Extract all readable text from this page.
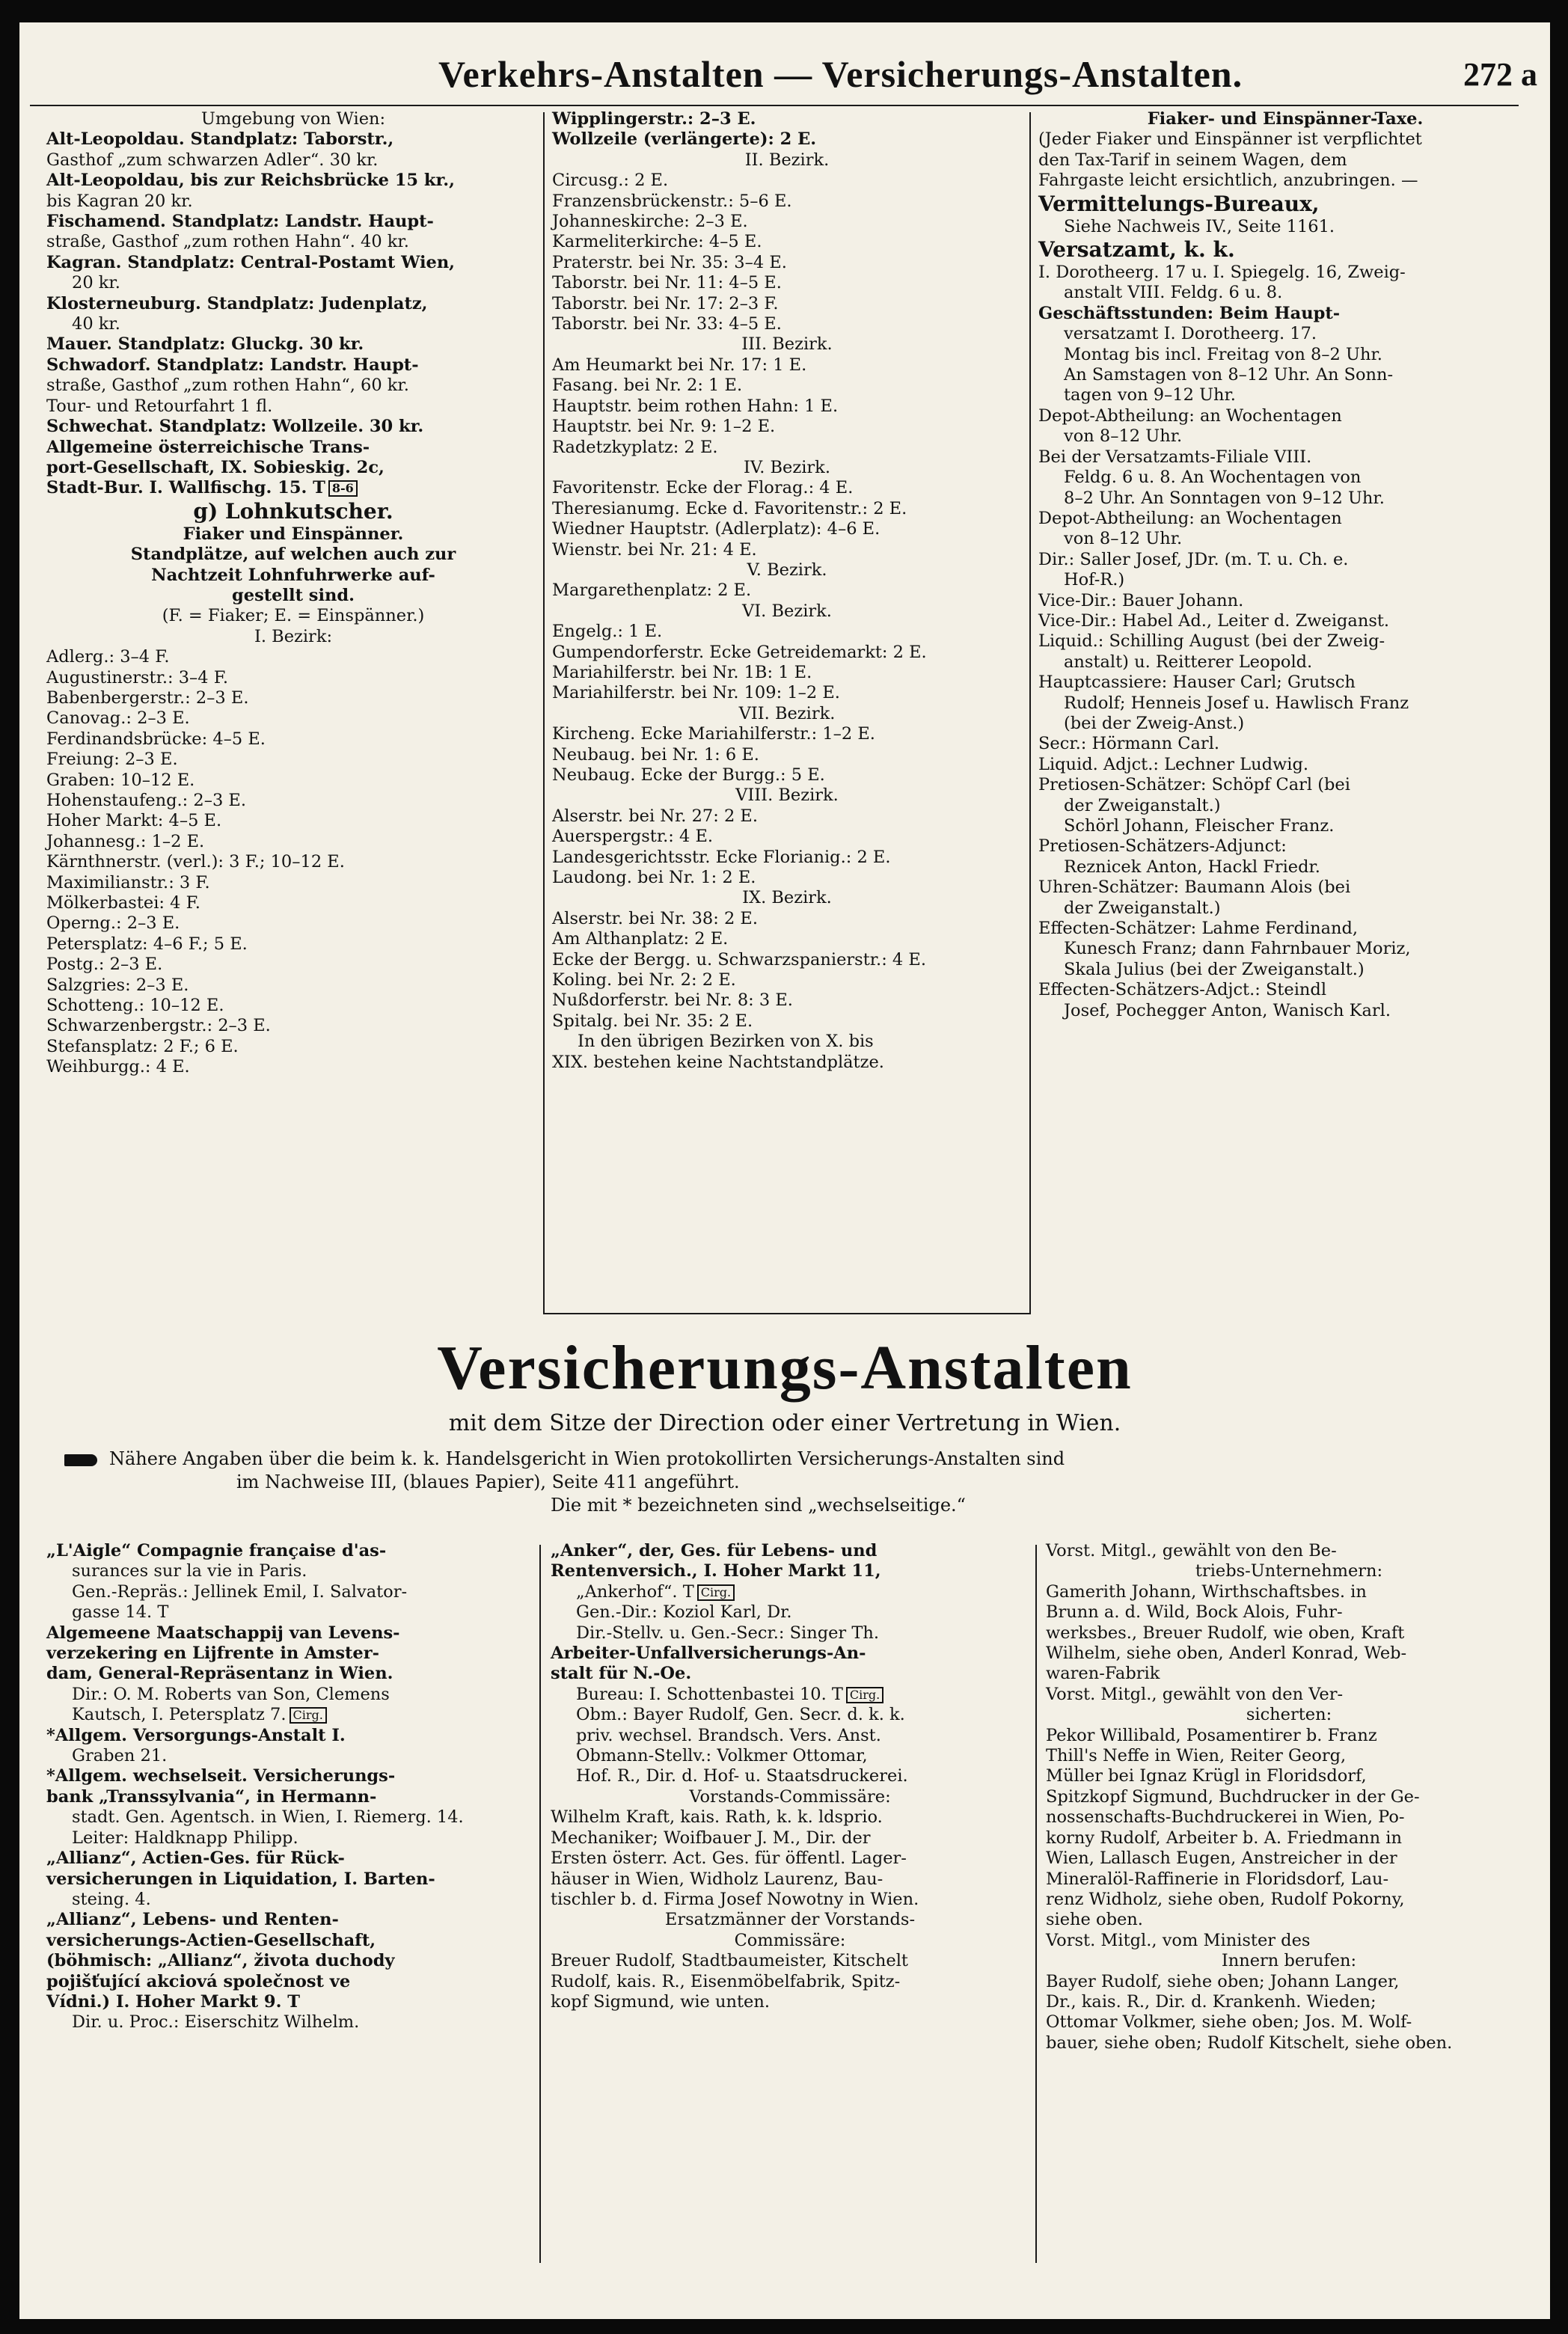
Verkehrs-Anstalten — Versicherungs-Anstalten.	272 a
Umgebung von Wien:
Alt-Leopoldau. Standplatz: Taborstr.,
Gasthof „zum schwarzen Adler“. 30 kr.
Alt-Leopoldau, bis zur Reichsbrücke 15 kr.,
bis Kagran 20 kr.
Fischamend. Standplatz: Landstr. Haupt-
straße, Gasthof „zum rothen Hahn“. 40 kr.
Kagran. Standplatz: Central-Postamt Wien,
20 kr.
Klosterneuburg. Standplatz: Judenplatz,
40 kr.
Mauer. Standplatz: Gluckg. 30 kr.
Schwadorf. Standplatz: Landstr. Haupt-
straße, Gasthof „zum rothen Hahn“, 60 kr.
Tour- und Retourfahrt 1 fl.
Schwechat. Standplatz: Wollzeile. 30 kr.
Allgemeine österreichische Trans-
port-Gesellschaft, IX. Sobieskig. 2c,
Stadt-Bur. I. Wallfischg. 15. T 8-6
g) Lohnkutscher.
Fiaker und Einspänner.
Standplätze, auf welchen auch zur
Nachtzeit Lohnfuhrwerke auf-
gestellt sind.
(F. = Fiaker; E. = Einspänner.)
I. Bezirk:
Adlerg.: 3–4 F.
Augustinerstr.: 3–4 F.
Babenbergerstr.: 2–3 E.
Canovag.: 2–3 E.
Ferdinandsbrücke: 4–5 E.
Freiung: 2–3 E.
Graben: 10–12 E.
Hohenstaufeng.: 2–3 E.
Hoher Markt: 4–5 E.
Johannesg.: 1–2 E.
Kärnthnerstr. (verl.): 3 F.; 10–12 E.
Maximilianstr.: 3 F.
Mölkerbastei: 4 F.
Operng.: 2–3 E.
Petersplatz: 4–6 F.; 5 E.
Postg.: 2–3 E.
Salzgries: 2–3 E.
Schotteng.: 10–12 E.
Schwarzenbergstr.: 2–3 E.
Stefansplatz: 2 F.; 6 E.
Weihburgg.: 4 E.
Wipplingerstr.: 2–3 E.
Wollzeile (verlängerte): 2 E.
II. Bezirk.
Circusg.: 2 E.
Franzensbrückenstr.: 5–6 E.
Johanneskirche: 2–3 E.
Karmeliterkirche: 4–5 E.
Praterstr. bei Nr. 35: 3–4 E.
Taborstr. bei Nr. 11: 4–5 E.
Taborstr. bei Nr. 17: 2–3 F.
Taborstr. bei Nr. 33: 4–5 E.
III. Bezirk.
Am Heumarkt bei Nr. 17: 1 E.
Fasang. bei Nr. 2: 1 E.
Hauptstr. beim rothen Hahn: 1 E.
Hauptstr. bei Nr. 9: 1–2 E.
Radetzkyplatz: 2 E.
IV. Bezirk.
Favoritenstr. Ecke der Florag.: 4 E.
Theresianumg. Ecke d. Favoritenstr.: 2 E.
Wiedner Hauptstr. (Adlerplatz): 4–6 E.
Wienstr. bei Nr. 21: 4 E.
V. Bezirk.
Margarethenplatz: 2 E.
VI. Bezirk.
Engelg.: 1 E.
Gumpendorferstr. Ecke Getreidemarkt: 2 E.
Mariahilferstr. bei Nr. 1B: 1 E.
Mariahilferstr. bei Nr. 109: 1–2 E.
VII. Bezirk.
Kircheng. Ecke Mariahilferstr.: 1–2 E.
Neubaug. bei Nr. 1: 6 E.
Neubaug. Ecke der Burgg.: 5 E.
VIII. Bezirk.
Alserstr. bei Nr. 27: 2 E.
Auerspergstr.: 4 E.
Landesgerichtsstr. Ecke Florianig.: 2 E.
Laudong. bei Nr. 1: 2 E.
IX. Bezirk.
Alserstr. bei Nr. 38: 2 E.
Am Althanplatz: 2 E.
Ecke der Bergg. u. Schwarzspanierstr.: 4 E.
Koling. bei Nr. 2: 2 E.
Nußdorferstr. bei Nr. 8: 3 E.
Spitalg. bei Nr. 35: 2 E.
In den übrigen Bezirken von X. bis
XIX. bestehen keine Nachtstandplätze.
Fiaker- und Einspänner-Taxe.
(Jeder Fiaker und Einspänner ist verpflichtet
den Tax-Tarif in seinem Wagen, dem
Fahrgaste leicht ersichtlich, anzubringen. —
Vermittelungs-Bureaux,
Siehe Nachweis IV., Seite 1161.
Versatzamt, k. k.
I. Dorotheerg. 17 u. I. Spiegelg. 16, Zweig-
anstalt VIII. Feldg. 6 u. 8.
Geschäftsstunden: Beim Haupt-
versatzamt I. Dorotheerg. 17.
Montag bis incl. Freitag von 8–2 Uhr.
An Samstagen von 8–12 Uhr. An Sonn-
tagen von 9–12 Uhr.
Depot-Abtheilung: an Wochentagen
von 8–12 Uhr.
Bei der Versatzamts-Filiale VIII.
Feldg. 6 u. 8. An Wochentagen von
8–2 Uhr. An Sonntagen von 9–12 Uhr.
Depot-Abtheilung: an Wochentagen
von 8–12 Uhr.
Dir.: Saller Josef, JDr. (m. T. u. Ch. e.
Hof-R.)
Vice-Dir.: Bauer Johann.
Vice-Dir.: Habel Ad., Leiter d. Zweiganst.
Liquid.: Schilling August (bei der Zweig-
anstalt) u. Reitterer Leopold.
Hauptcassiere: Hauser Carl; Grutsch
Rudolf; Henneis Josef u. Hawlisch Franz
(bei der Zweig-Anst.)
Secr.: Hörmann Carl.
Liquid. Adjct.: Lechner Ludwig.
Pretiosen-Schätzer: Schöpf Carl (bei
der Zweiganstalt.)
Schörl Johann, Fleischer Franz.
Pretiosen-Schätzers-Adjunct:
Reznicek Anton, Hackl Friedr.
Uhren-Schätzer: Baumann Alois (bei
der Zweiganstalt.)
Effecten-Schätzer: Lahme Ferdinand,
Kunesch Franz; dann Fahrnbauer Moriz,
Skala Julius (bei der Zweiganstalt.)
Effecten-Schätzers-Adjct.: Steindl
Josef, Pochegger Anton, Wanisch Karl.
Versicherungs-Anstalten
mit dem Sitze der Direction oder einer Vertretung in Wien.
Nähere Angaben über die beim k. k. Handelsgericht in Wien protokollirten Versicherungs-Anstalten sind
im Nachweise III, (blaues Papier), Seite 411 angeführt.
Die mit * bezeichneten sind „wechselseitige.“
„L'Aigle“ Compagnie française d'as-
surances sur la vie in Paris.
Gen.-Repräs.: Jellinek Emil, I. Salvator-
gasse 14. T
Algemeene Maatschappij van Levens-
verzekering en Lijfrente in Amster-
dam, General-Repräsentanz in Wien.
Dir.: O. M. Roberts van Son, Clemens
Kautsch, I. Petersplatz 7. Cirg.
*Allgem. Versorgungs-Anstalt I.
Graben 21.
*Allgem. wechselseit. Versicherungs-
bank „Transsylvania“, in Hermann-
stadt. Gen. Agentsch. in Wien, I. Riemerg. 14.
Leiter: Haldknapp Philipp.
„Allianz“, Actien-Ges. für Rück-
versicherungen in Liquidation, I. Barten-
steing. 4.
„Allianz“, Lebens- und Renten-
versicherungs-Actien-Gesellschaft,
(böhmisch: „Allianz“, života duchody
pojišťující akciová společnost ve
Vídni.) I. Hoher Markt 9. T
Dir. u. Proc.: Eiserschitz Wilhelm.
„Anker“, der, Ges. für Lebens- und
Rentenversich., I. Hoher Markt 11,
„Ankerhof“. T Cirg.
Gen.-Dir.: Koziol Karl, Dr.
Dir.-Stellv. u. Gen.-Secr.: Singer Th.
Arbeiter-Unfallversicherungs-An-
stalt für N.-Oe.
Bureau: I. Schottenbastei 10. T Cirg.
Obm.: Bayer Rudolf, Gen. Secr. d. k. k.
priv. wechsel. Brandsch. Vers. Anst.
Obmann-Stellv.: Volkmer Ottomar,
Hof. R., Dir. d. Hof- u. Staatsdruckerei.
Vorstands-Commissäre:
Wilhelm Kraft, kais. Rath, k. k. ldsprio.
Mechaniker; Woifbauer J. M., Dir. der
Ersten österr. Act. Ges. für öffentl. Lager-
häuser in Wien, Widholz Laurenz, Bau-
tischler b. d. Firma Josef Nowotny in Wien.
Ersatzmänner der Vorstands-
Commissäre:
Breuer Rudolf, Stadtbaumeister, Kitschelt
Rudolf, kais. R., Eisenmöbelfabrik, Spitz-
kopf Sigmund, wie unten.
Vorst. Mitgl., gewählt von den Be-
triebs-Unternehmern:
Gamerith Johann, Wirthschaftsbes. in
Brunn a. d. Wild, Bock Alois, Fuhr-
werksbes., Breuer Rudolf, wie oben, Kraft
Wilhelm, siehe oben, Anderl Konrad, Web-
waren-Fabrik
Vorst. Mitgl., gewählt von den Ver-
sicherten:
Pekor Willibald, Posamentirer b. Franz
Thill's Neffe in Wien, Reiter Georg,
Müller bei Ignaz Krügl in Floridsdorf,
Spitzkopf Sigmund, Buchdrucker in der Ge-
nossenschafts-Buchdruckerei in Wien, Po-
korny Rudolf, Arbeiter b. A. Friedmann in
Wien, Lallasch Eugen, Anstreicher in der
Mineralöl-Raffinerie in Floridsdorf, Lau-
renz Widholz, siehe oben, Rudolf Pokorny,
siehe oben.
Vorst. Mitgl., vom Minister des
Innern berufen:
Bayer Rudolf, siehe oben; Johann Langer,
Dr., kais. R., Dir. d. Krankenh. Wieden;
Ottomar Volkmer, siehe oben; Jos. M. Wolf-
bauer, siehe oben; Rudolf Kitschelt, siehe oben.
